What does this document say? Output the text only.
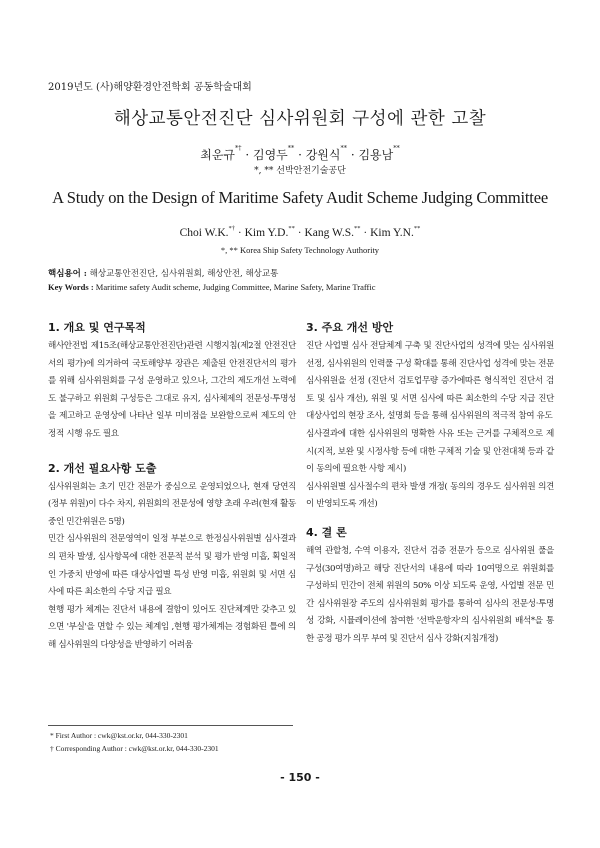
2019년도 (사)해양환경안전학회 공동학술대회
해상교통안전진단 심사위원회 구성에 관한 고찰
최운규*† · 김영두** · 강원식** · 김용남**
*, ** 선박안전기술공단
A Study on the Design of Maritime Safety Audit Scheme Judging Committee
Choi W.K.*† · Kim Y.D.** · Kang W.S.** · Kim Y.N.**
*, ** Korea Ship Safety Technology Authority
핵심용어 : 해상교통안전진단, 심사위원회, 해상안전, 해상교통
Key Words : Maritime safety Audit scheme, Judging Committee, Marine Safety, Marine Traffic
1. 개요 및 연구목적

해사안전법 제15조(해상교통안전진단)관련 시행지침(제2절 안전진단서의 평가)에 의거하여 국토해양부 장관은 제출된 안전진단서의 평가를 위해 심사위원회를 구성 운영하고 있으나, 그간의 제도개선 노력에도 불구하고 위원회 구성등은 그대로 유지, 심사체제의 전문성·투명성을 제고하고 운영상에 나타난 일부 미비점을 보완함으로써 제도의 안정적 시행 유도 필요

2. 개선 필요사항 도출

심사위원회는 초기 민간 전문가 중심으로 운영되었으나, 현재 당연직(정부 위원)이 다수 차지, 위원회의 전문성에 영향 초래 우려(현재 활동 중인 민간위원은 5명)

민간 심사위원의 전문영역이 일정 부분으로 한정심사위원별 심사결과의 편차 발생, 심사항목에 대한 전문적 분석 및 평가 반영 미흡, 획일적인 가중치 반영에 따른 대상사업별 특성 반영 미흡, 위원회 및 서면 심사에 따른 최소한의 수당 지급 필요

현행 평가 체계는 진단서 내용에 결함이 있어도 진단체계만 갖추고 있으면 '부실'을 면할 수 있는 체계임 ,현행 평가체계는 경험화된 틀에 의해 심사위원의 다양성을 반영하기 어려움

3. 주요 개선 방안

진단 사업별 심사 전담체계 구축 및 진단사업의 성격에 맞는 심사위원 선정, 심사위원의 인력풀 구성 확대를 통해 진단사업 성격에 맞는 전문 심사위원을 선정 (진단서 검토업무량 증가에따른 형식적인 진단서 검토 및 심사 개선), 위원 및 서면 심사에 따른 최소한의 수당 지급 진단대상사업의 현장 조사, 설명회 등을 통해 심사위원의 적극적 참여 유도

심사결과에 대한 심사위원의 명확한 사유 또는 근거를 구체적으로 제시(지적, 보완 및 시정사항 등에 대한 구체적 기술 및 안전대책 등과 같이 동의에 필요한 사항 제시)

심사위원별 심사절수의 편차 발생 개정( 동의의 경우도 심사위원 의견이 반영되도록 개선)

4. 결 론

해역 관할청, 수역 이용자, 진단서 검증 전문가 등으로 심사위원 풀을 구성(30여명)하고 해당 진단서의 내용에 따라 10여명으로 위원회를 구성하되 민간이 전체 위원의 50% 이상 되도록 운영, 사업별 전문 민간 심사위원장 주도의 심사위원회 평가를 통하여 심사의 전문성·투명성 강화, 시뮬레이션에 참여한 '선박운항자'의 심사위원회 배석*을 통한 공정 평가 의무 부여 및 진단서 심사 강화(지침개정)

* First Author : cwk@kst.or.kr, 044-330-2301
† Corresponding Author : cwk@kst.or.kr, 044-330-2301
- 150 -
